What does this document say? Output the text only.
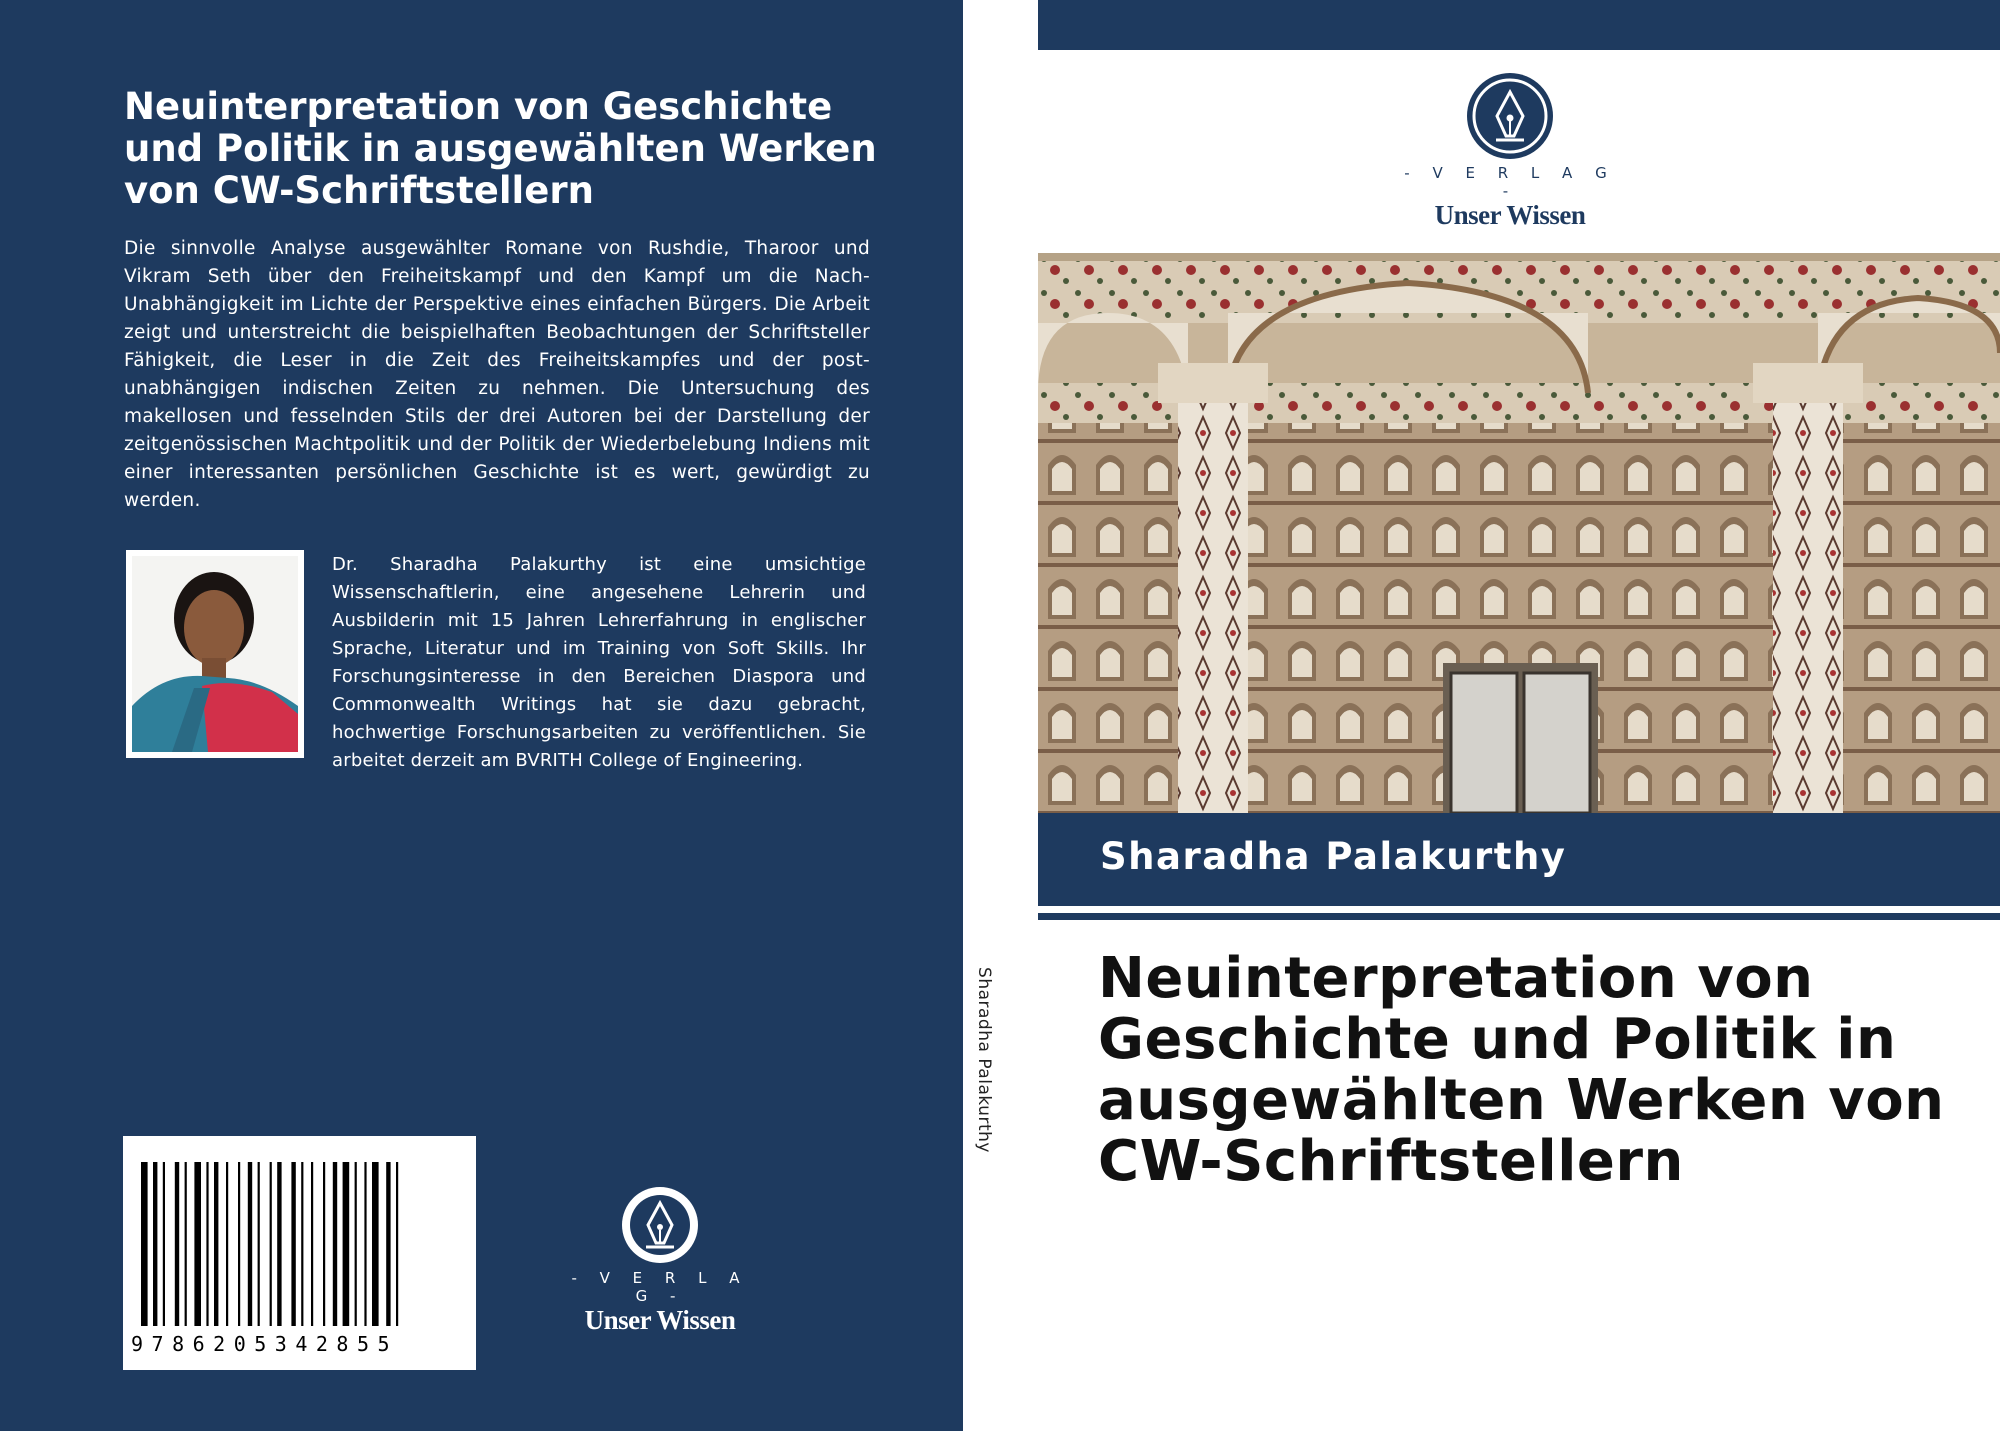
Neuinterpretation von Geschichte und Politik in ausgewählten Werken von CW-Schriftstellern

Die sinnvolle Analyse ausgewählter Romane von Rushdie, Tharoor und Vikram Seth über den Freiheitskampf und den Kampf um die Nach-Unabhängigkeit im Lichte der Perspektive eines einfachen Bürgers. Die Arbeit zeigt und unterstreicht die beispielhaften Beobachtungen der Schriftsteller Fähigkeit, die Leser in die Zeit des Freiheitskampfes und der post-unabhängigen indischen Zeiten zu nehmen. Die Untersuchung des makellosen und fesselnden Stils der drei Autoren bei der Darstellung der zeitgenössischen Machtpolitik und der Politik der Wiederbelebung Indiens mit einer interessanten persönlichen Geschichte ist es wert, gewürdigt zu werden.

Dr. Sharadha Palakurthy ist eine umsichtige Wissenschaftlerin, eine angesehene Lehrerin und Ausbilderin mit 15 Jahren Lehrerfahrung in englischer Sprache, Literatur und im Training von Soft Skills. Ihr Forschungsinteresse in den Bereichen Diaspora und Commonwealth Writings hat sie dazu gebracht, hochwertige Forschungsarbeiten zu veröffentlichen. Sie arbeitet derzeit am BVRITH College of Engineering.

9786205342855
- V E R L A G -
Unser Wissen
Sharadha Palakurthy
- V E R L A G -
Unser Wissen
Sharadha Palakurthy
Neuinterpretation von Geschichte und Politik in ausgewählten Werken von CW-Schriftstellern
